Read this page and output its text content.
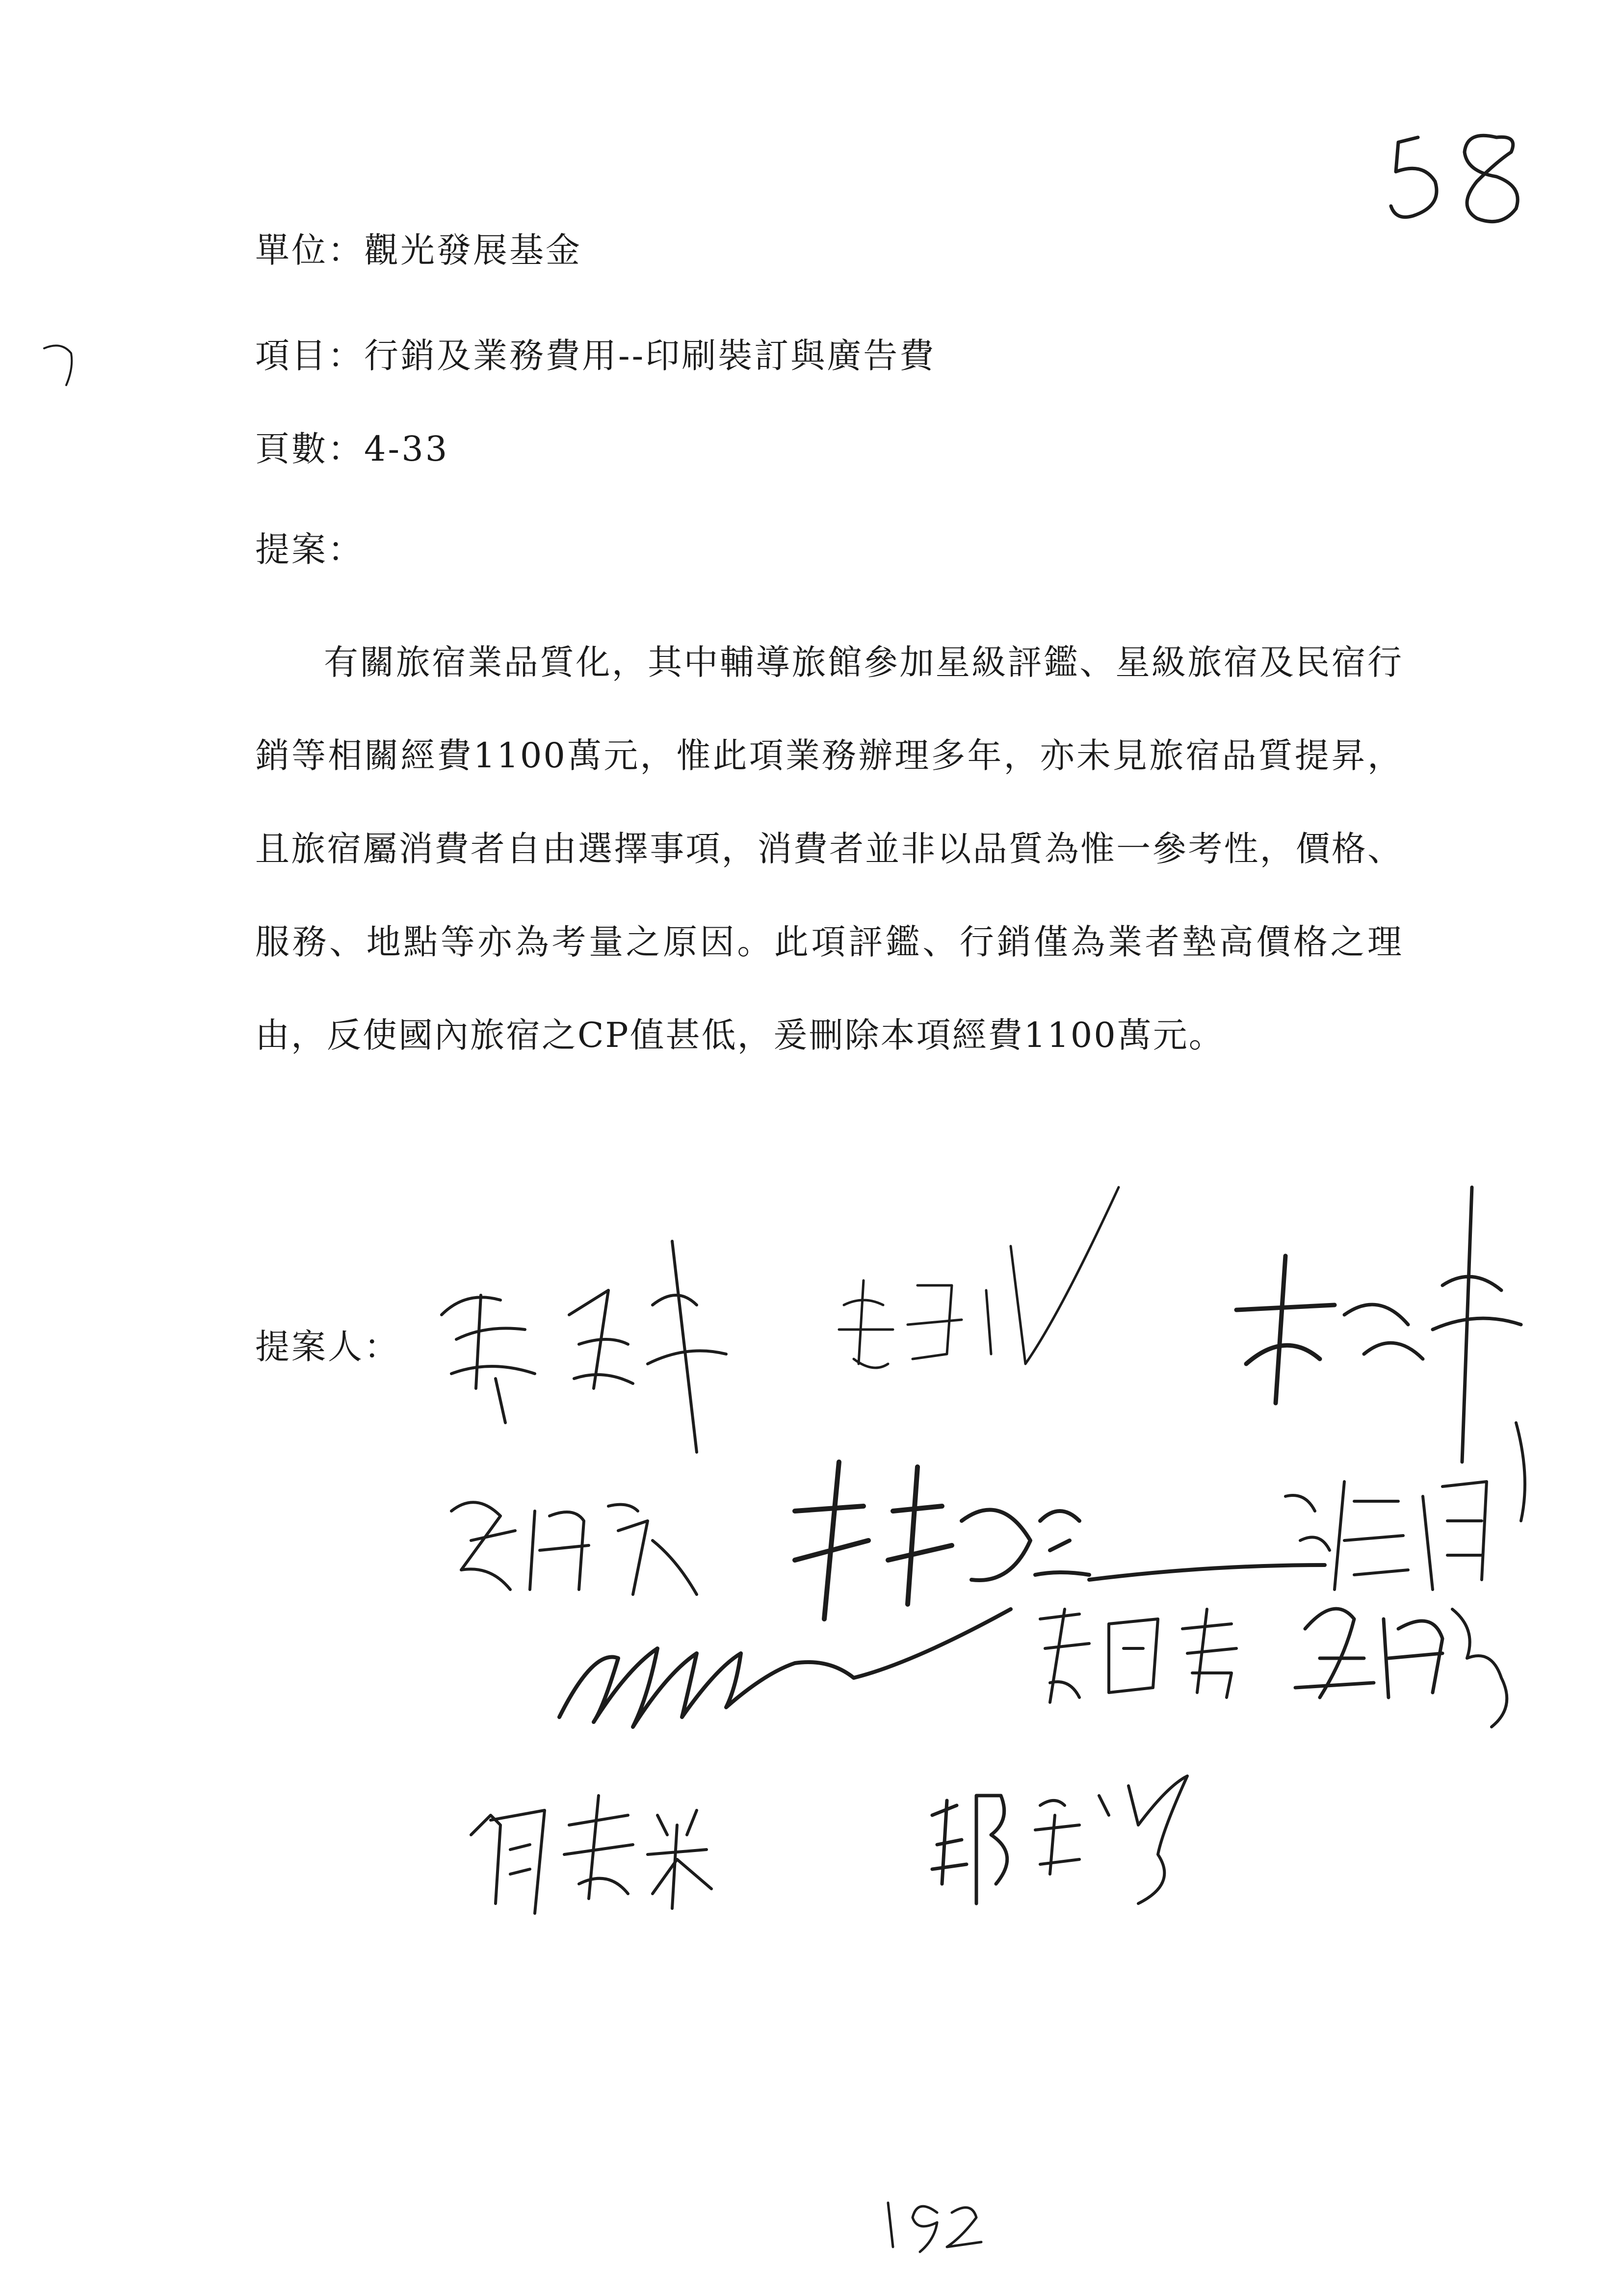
單位：觀光發展基金
項目：行銷及業務費用--印刷裝訂與廣告費
頁數：4-33
提案：

有關旅宿業品質化，其中輔導旅館參加星級評鑑、星級旅宿及民宿行銷等相關經費1100萬元，惟此項業務辦理多年，亦未見旅宿品質提昇，且旅宿屬消費者自由選擇事項，消費者並非以品質為惟一參考性，價格、服務、地點等亦為考量之原因。此項評鑑、行銷僅為業者墊高價格之理由，反使國內旅宿之CP值甚低，爰刪除本項經費1100萬元。

提案人：
